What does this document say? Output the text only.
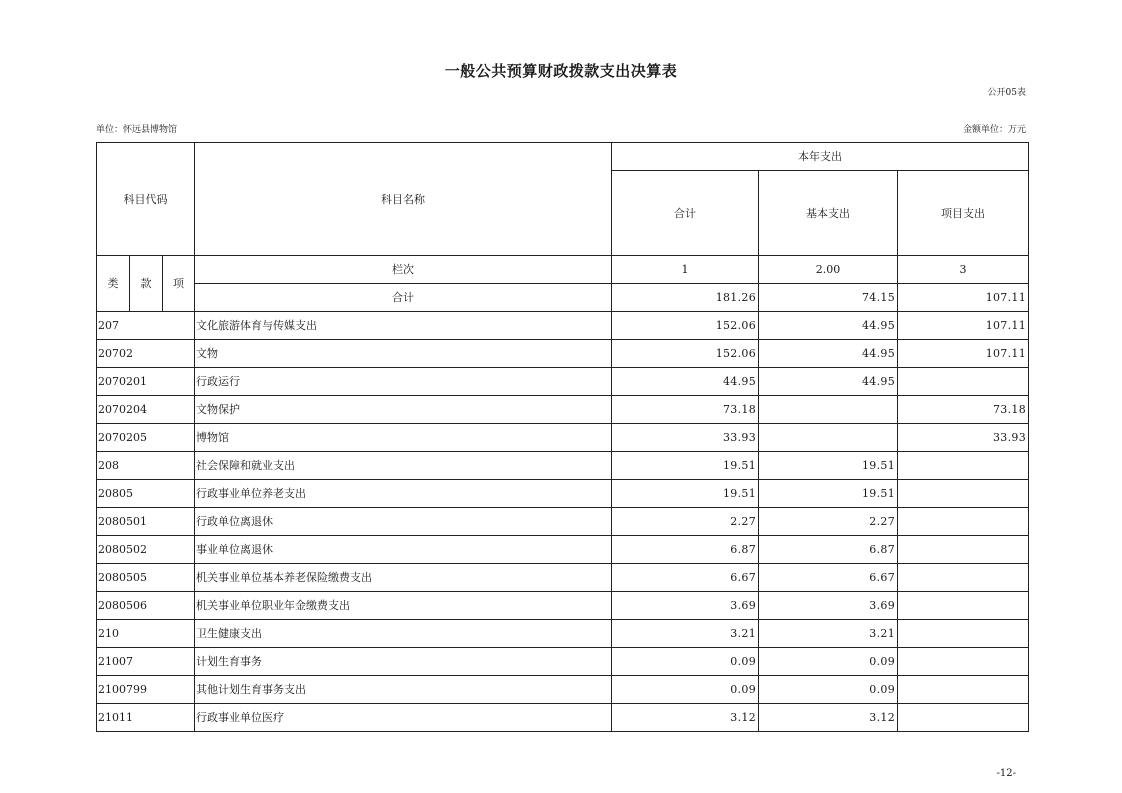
一般公共预算财政拨款支出决算表
公开05表
单位：怀远县博物馆	金额单位：万元
科目代码			科目名称	本年支出		
				合计	基本支出	项目支出
类	款	项	栏次	1	2.00	3
			合计	181.26	74.15	107.11
207			文化旅游体育与传媒支出	152.06	44.95	107.11
20702			文物	152.06	44.95	107.11
2070201			行政运行	44.95	44.95	
2070204			文物保护	73.18		73.18
2070205			博物馆	33.93		33.93
208			社会保障和就业支出	19.51	19.51	
20805			行政事业单位养老支出	19.51	19.51	
2080501			行政单位离退休	2.27	2.27	
2080502			事业单位离退休	6.87	6.87	
2080505			机关事业单位基本养老保险缴费支出	6.67	6.67	
2080506			机关事业单位职业年金缴费支出	3.69	3.69	
210			卫生健康支出	3.21	3.21	
21007			计划生育事务	0.09	0.09	
2100799			其他计划生育事务支出	0.09	0.09	
21011			行政事业单位医疗	3.12	3.12	
-12-
